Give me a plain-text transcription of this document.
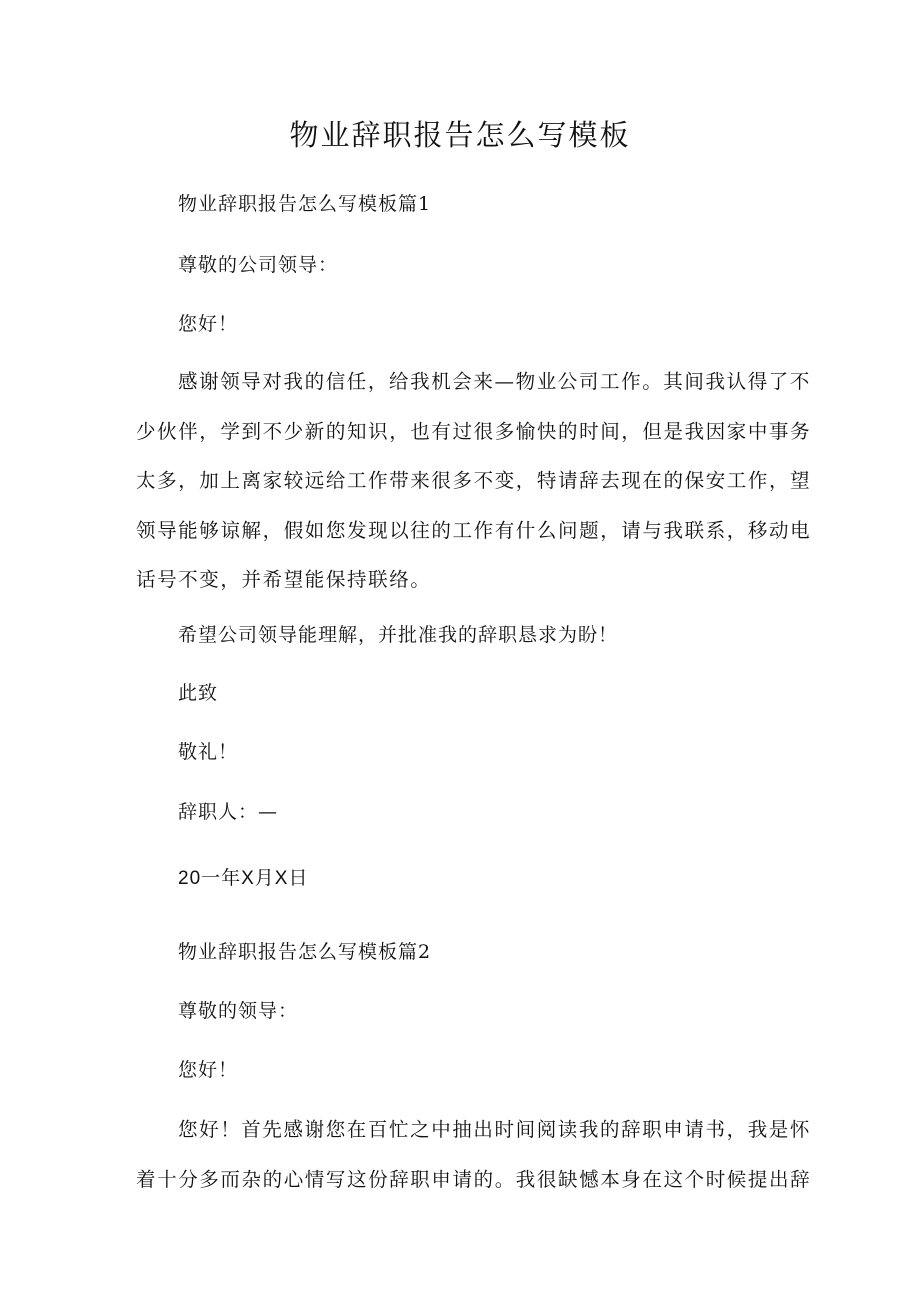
物业辞职报告怎么写模板
物业辞职报告怎么写模板篇1
尊敬的公司领导：
您好！
感谢领导对我的信任，给我机会来—物业公司工作。其间我认得了不
少伙伴，学到不少新的知识，也有过很多愉快的时间，但是我因家中事务
太多，加上离家较远给工作带来很多不变，特请辞去现在的保安工作，望
领导能够谅解，假如您发现以往的工作有什么问题，请与我联系，移动电
话号不变，并希望能保持联络。
希望公司领导能理解，并批准我的辞职恳求为盼！
此致
敬礼！
辞职人：—
20一年X月X日
物业辞职报告怎么写模板篇2
尊敬的领导：
您好！
您好！首先感谢您在百忙之中抽出时间阅读我的辞职申请书，我是怀
着十分多而杂的心情写这份辞职申请的。我很缺憾本身在这个时候提出辞
